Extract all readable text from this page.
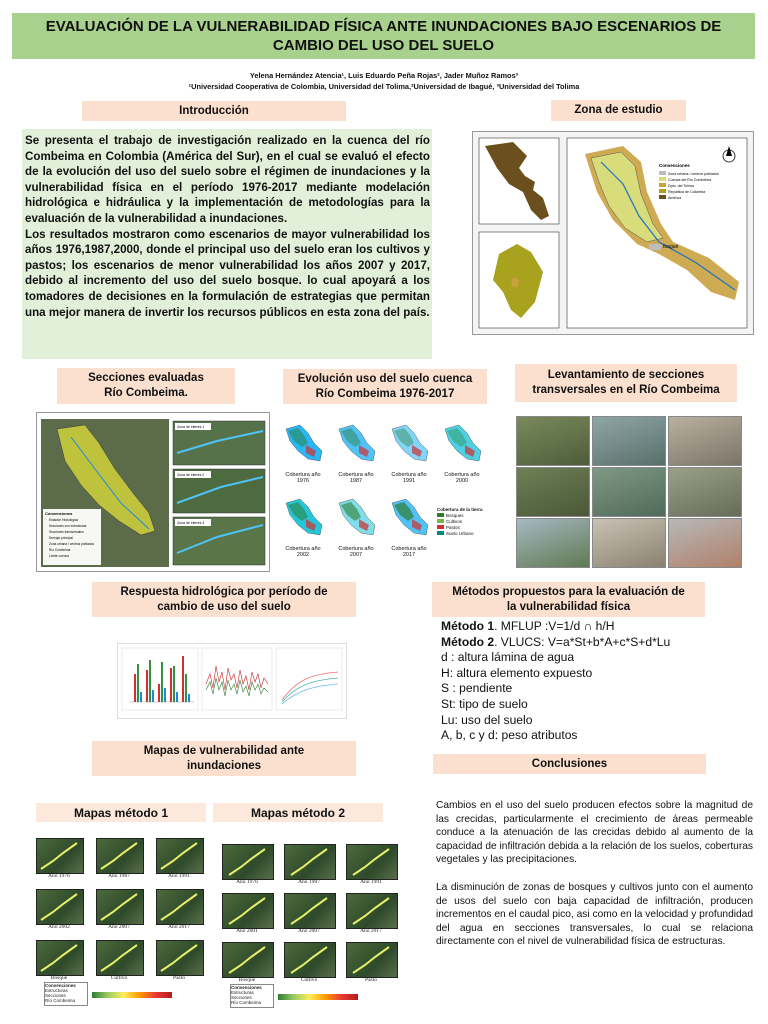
EVALUACIÓN DE LA VULNERABILIDAD FÍSICA ANTE INUNDACIONES BAJO ESCENARIOS DE
CAMBIO DEL USO DEL SUELO
Yelena Hernández Atencia¹, Luis Eduardo Peña Rojas², Jader Muñoz Ramos³
¹Universidad Cooperativa de Colombia, Universidad del Tolima,²Universidad de Ibagué, ³Universidad del Tolima
Introducción

Se presenta el trabajo de investigación realizado en la cuenca del río Combeima en Colombia (América del Sur), en el cual se evaluó el efecto de la evolución del uso del suelo sobre el régimen de inundaciones y la vulnerabilidad física en el período 1976-2017 mediante modelación hidrológica e hidráulica y la implementación de metodologías para la evaluación de la vulnerabilidad a inundaciones.

Los resultados mostraron como escenarios de mayor vulnerabilidad los años 1976,1987,2000, donde el principal uso del suelo eran los cultivos y pastos; los escenarios de menor vulnerabilidad los años 2007 y 2017, debido al incremento del uso del suelo bosque. lo cual apoyará a los tomadores de decisiones en la formulación de estrategias que permitan una mejor manera de invertir los recursos públicos en esta zona del país.

Zona de estudio
Ibagué
Convenciones
Zona urbana / centros poblados
Cuenca del Río Combeima
Dpto. del Tolima
República de Colombia
América
Secciones evaluadas
Río Combeima.
Convenciones
Estación Hidrológica
Secciones con estructuras
Secciones transversales
Drenaje principal
Zona urbana / centros poblados
Río Combeima
Límite cuenca
Zona de interés 1
Zona de interés 2
Zona de interés 3
Evolución uso del suelo cuenca
Río Combeima 1976-2017
Cobertura año
1976
Cobertura año
1987
Cobertura año
1991
Cobertura año
2000
Cobertura año
2002
Cobertura año
2007
Cobertura año
2017
Cobertura de la tierra
Bosques
Cultivos
Pastos
Suelo Urbano
Levantamiento de secciones
transversales en el Río Combeima
Respuesta hidrológica por período de
cambio de uso del suelo
Métodos propuestos para la evaluación de
la vulnerabilidad física
Método 1. MFLUP :V=1/d ∩ h/H
Método 2. VLUCS: V=a*St+b*A+c*S+d*Lu
d : altura lámina de agua
H: altura elemento expuesto
S : pendiente
St: tipo de suelo
Lu: uso del suelo
A, b, c y d: peso atributos
Mapas de vulnerabilidad ante
inundaciones	Conclusiones
Cambios en el uso del suelo producen efectos sobre la magnitud de las crecidas, particularmente el crecimiento de áreas permeable conduce a la atenuación de las crecidas debido al aumento de la capacidad de infiltración debida a la relación de los suelos, coberturas vegetales y las precipitaciones.
La disminución de zonas de bosques y cultivos junto con el aumento de usos del suelo con baja capacidad de infiltración, producen incrementos en el caudal pico, asi como en la velocidad y profundidad del agua en secciones transversales, lo cual se relaciona directamente con el nivel de vulnerabilidad física de estructuras.
Mapas método 1	Mapas método 2
Año 1976	Año 1987	Año 1991
Año 2002	Año 2007	Año 2017
Bosque	Cultivo	Pasto
Convenciones
Estructuras
Secciones
Río Combeima
Año 1976	Año 1987	Año 1991
Año 2001	Año 2007	Año 2017
Bosque	Cultivo	Pasto
Convenciones
Estructuras
Secciones
Río Combeima
